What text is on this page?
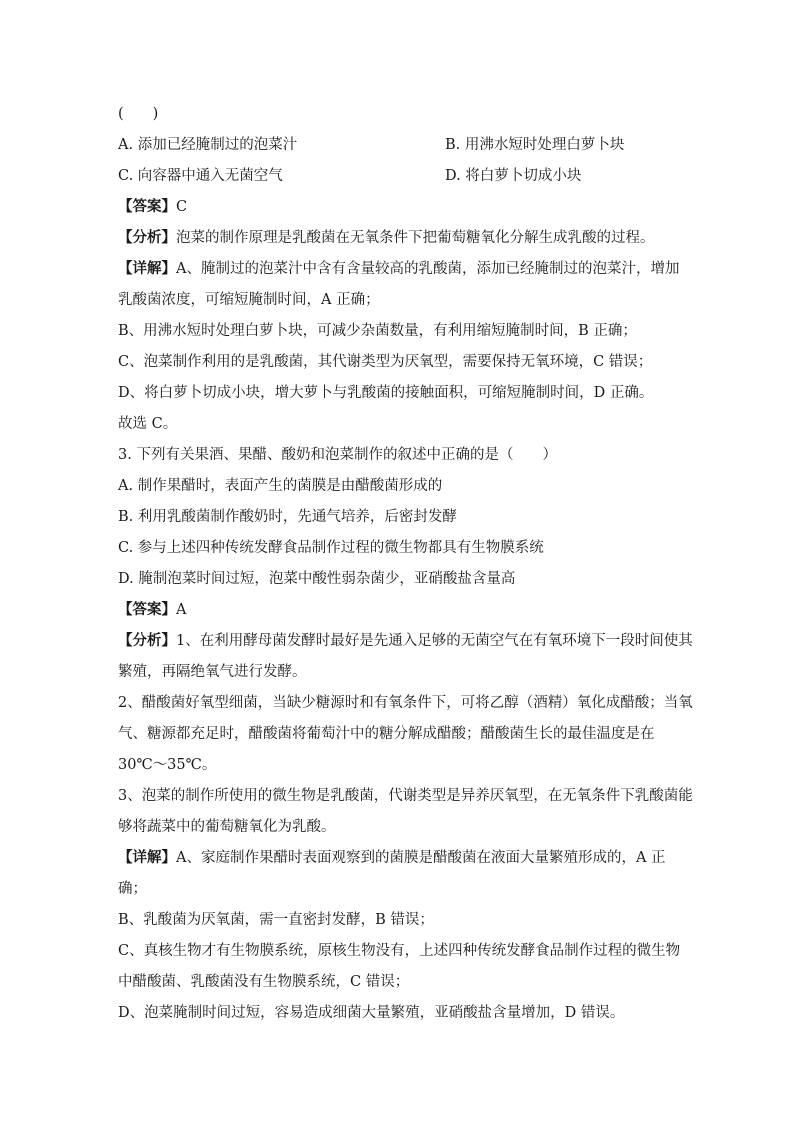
(　　)
A. 添加已经腌制过的泡菜汁	B. 用沸水短时处理白萝卜块
C. 向容器中通入无菌空气	D. 将白萝卜切成小块
【答案】C
【分析】泡菜的制作原理是乳酸菌在无氧条件下把葡萄糖氧化分解生成乳酸的过程。
【详解】A、腌制过的泡菜汁中含有含量较高的乳酸菌，添加已经腌制过的泡菜汁，增加
乳酸菌浓度，可缩短腌制时间，A 正确；
B、用沸水短时处理白萝卜块，可减少杂菌数量，有利用缩短腌制时间，B 正确；
C、泡菜制作利用的是乳酸菌，其代谢类型为厌氧型，需要保持无氧环境，C 错误；
D、将白萝卜切成小块，增大萝卜与乳酸菌的接触面积，可缩短腌制时间，D 正确。
故选 C。
3. 下列有关果酒、果醋、酸奶和泡菜制作的叙述中正确的是（　　）
A. 制作果醋时，表面产生的菌膜是由醋酸菌形成的
B. 利用乳酸菌制作酸奶时，先通气培养，后密封发酵
C. 参与上述四种传统发酵食品制作过程的微生物都具有生物膜系统
D. 腌制泡菜时间过短，泡菜中酸性弱杂菌少，亚硝酸盐含量高
【答案】A
【分析】1、在利用酵母菌发酵时最好是先通入足够的无菌空气在有氧环境下一段时间使其
繁殖，再隔绝氧气进行发酵。
2、醋酸菌好氧型细菌，当缺少糖源时和有氧条件下，可将乙醇（酒精）氧化成醋酸；当氧
气、糖源都充足时，醋酸菌将葡萄汁中的糖分解成醋酸；醋酸菌生长的最佳温度是在
30℃～35℃。
3、泡菜的制作所使用的微生物是乳酸菌，代谢类型是异养厌氧型，在无氧条件下乳酸菌能
够将蔬菜中的葡萄糖氧化为乳酸。
【详解】A、家庭制作果醋时表面观察到的菌膜是醋酸菌在液面大量繁殖形成的，A 正
确；
B、乳酸菌为厌氧菌，需一直密封发酵，B 错误；
C、真核生物才有生物膜系统，原核生物没有，上述四种传统发酵食品制作过程的微生物
中醋酸菌、乳酸菌没有生物膜系统，C 错误；
D、泡菜腌制时间过短，容易造成细菌大量繁殖，亚硝酸盐含量增加，D 错误。
